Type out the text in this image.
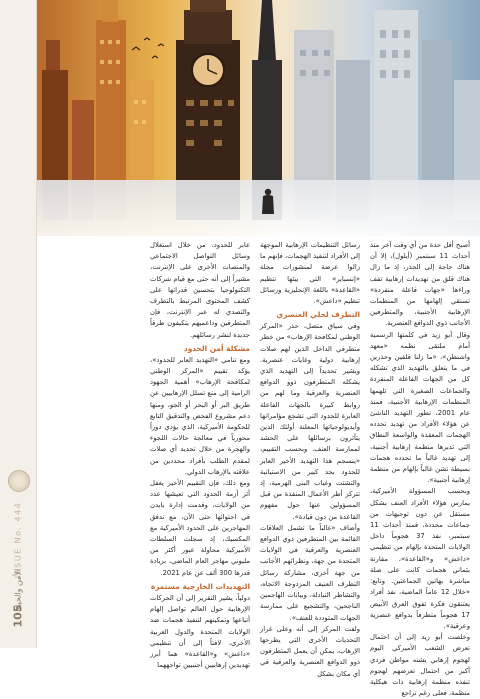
ISSUE No. 444
الأمن والحياة
105

أصبح أقل حدة من أي وقت آخر منذ أحداث 11 سبتمبر (أيلول)، إلا أن هناك حاجة إلى الحذر، إذ ما زال هناك قلق من تهديدات إرهابية تقف وراءها «جهات فاعلة منفردة» تستقي إلهامها من المنظمات الإرهابية الأجنبية، والمتطرفين الأجانب ذوي الدوافع العنصرية.

وقال أبو زيد في كلمتها الرسمية أمام ملتقى نظمه «معهد واشنطن»، «ما زلنا قلقين وحذرين في ما يتعلق بالتهديد الذي تشكله كل من الجهات الفاعلة المنفردة والجماعات الصغيرة التي تلهمها المنظمات الإرهابية الأجنبية، فمنذ عام 2001، تطور التهديد الناشئ عن هؤلاء الأفراد من تهديد تحدده الهجمات المعقدة والواسعة النطاق التي تديرها منظمة إرهابية أجنبية، إلى تهديد غالباً ما تحدده هجمات بسيطة تشن غالباً بإلهام من منظمة إرهابية أجنبية».

وبحسب المسؤولة الأميركية، يمارس هؤلاء الأفراد العنف بشكل مستقل عن دون توجيهات من جماعات محددة، فمنذ أحداث 11 سبتمبر، نفذ 37 هجوماً داخل الولايات المتحدة بإلهام من تنظيمي «داعش» و«القاعدة»، مقارنة بثماني هجمات كانت على صلة مباشرة بهاتين الجماعتين. وتابع: «خلال 12 عاماً الماضية، نفذ أفراد يعتنقون فكرة تفوق العرق الأبيض 17 هجوماً متطرفاً بدوافع عنصرية وعرقية».

وخلصت أبو زيد إلى أن احتمال تعرض الشعب الأميركي اليوم لهجوم إرهابي يشنه مواطن فردي أكبر من احتمال تعرضهم لهجوم تنفذه منظمة إرهابية ذات هيكلية منظمة، فعلى رغم تراجع

رسائل التنظيمات الإرهابية الموجهة إلى الأفراد لتنفيذ الهجمات، فإنهم ما زالوا عرضة لمنشورات مجلة «إنسباير» التي يبثها تنظيم «القاعدة» باللغة الإنجليزية ورسائل تنظيم «داعش».

التطرف لحلي العنصري

وفي سياق متصل، حذر «المركز الوطني لمكافحة الإرهاب» من خطر متطرفي الداخل الذين لهم صلات إرهابية دولية وغايات عنصرية. ويشير تحديداً إلى التهديد الذي يشكله المتطرفون ذوو الدوافع العنصرية والعرقية وما لهم من روابط كبيرة بالجهات الفاعلة العابرة للحدود التي تشجع مؤامراتها وأيديولوجياتها المعلنة أولئك الذين يتأثرون برسائلها على الحشد لممارسة العنف. وبحسب التقييم، «ينسجم هذا التهديد الأخير العابر للحدود بحد كبير من الاستيانية والتشتت وغياب البنى الهرمية، إذ تتركز أطر الأعمال المنفذة من قبل المسؤولين عنها حول مفهوم القاعدة من دون قيادة».

وأضاف «غالباً ما تشمل العلاقات القائمة بين المتطرفين ذوي الدوافع العنصرية والعرقية في الولايات المتحدة من جهة، ونظرائهم الأجانب من جهة أخرى، مشاركة رسائل التطرف العنيف المزدوجة الاتجاه، والتشاطر التبادلة، وبيانات الهاجمين الناجحين، والتشجيع على ممارسة الجهات المتوددة للعنف».

ولفت المركز إلى أنه وعلى غرار التحديات الأخرى التي يطرحها الإرهاب، يمكن أن يعمل المتطرفون ذوو الدوافع العنصرية والعرقية في أي مكان بشكل

عابر للحدود، من خلال استغلال وسائل التواصل الاجتماعي والمنصات الأخرى على الإنترنت، مشيراً إلى أنه حتى مع قيام شركات التكنولوجيا بتحسين قدراتها على كشف المحتوى المرتبط بالتطرف والتصدي له عبر الإنترنت، فإن المتطرفين وداعميهم يتكيفون طرقاً جديدة لنشر رسائلهم.

مشكلة أمن الحدود

ومع تنامي «التهديد العابر للحدود»، يؤكد تقييم «المركز الوطني لمكافحة الإرهاب» أهمية الجهود الرامية إلى منع تسلل الإرهابيين عن طريق البر أو البحر أو الجو، ومنها دعم مشروع الفحص والتدقيق التابع للحكومة الأميركية، الذي يؤدي دوراً محورياً في معالجة حالات اللجوء والهجرة من خلال تحديد أي صلات لمقدم الطلب بأفراد محددين من علاقته بالإرهاب الدولي.

ومع ذلك، فإن التقييم الأخير يغفل أثر أزمة الحدود التي تعيشها عدد من الولايات، وقدمت إدارة بايدن في احتوائها حتى الآن، مع تدفق المهاجرين على الحدود الأميركية مع المكسيك، إذ سجلت السلطات الأميركية محاولة عبور أكثر من مليوني مهاجر العام الماضي، بزيادة قدرها 300 ألف عن عام 2021.

التهديدات الخارجية مستمرة

دولياً، يشير التقرير إلى أن الحركات الإرهابية حول العالم تواصل إلهام أتباعها وتمكينهم لتنفيذ هجمات ضد الولايات المتحدة والدول الغربية الأخرى، لافتاً إلى أن تنظيمي «داعش» و«القاعدة» هما أبرز تهديدين إرهابيين أجنبيين تواجههما
